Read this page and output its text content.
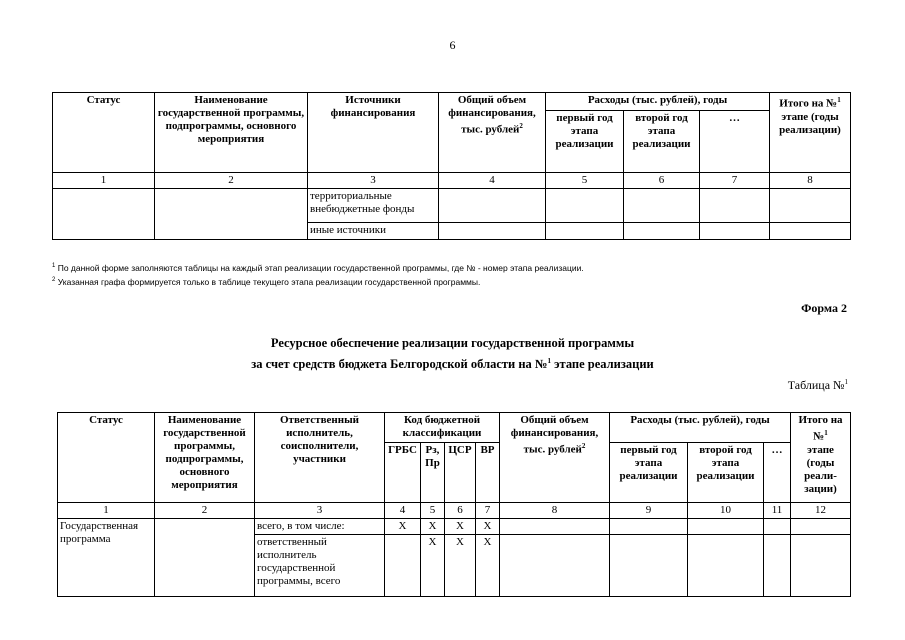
6
Статус	Наименование государственной программы, подпрограммы, основного мероприятия	Источники финансирования	Общий объем финансирования, тыс. рублей$^2$	Расходы (тыс. рублей), годы			Итого на №$^1$
этапе (годы реализации)
				первый год этапа реализации	второй год этапа реализации	…	
1	2	3	4	5	6	7	8
		территориальные внебюджетные фонды					
		иные источники					
$^1$ По данной форме заполняются таблицы на каждый этап реализации государственной программы, где № - номер этапа реализации.
$^2$ Указанная графа формируется только в таблице текущего этапа реализации государственной программы.
Форма 2
Ресурсное обеспечение реализации государственной программы
за счет средств бюджета Белгородской области на №$^1$ этапе реализации
Таблица №$^1$
Статус	Наименование государственной программы, подпрограммы, основного мероприятия	Ответственный исполнитель, соисполнители, участники	Код бюджетной классификации				Общий объем финансирования, тыс. рублей$^2$	Расходы (тыс. рублей), годы			Итого на №$^1$
этапе (годы реали-зации)
			ГРБС	Рз, Пр	ЦСР	ВР		первый год этапа реализации	второй год этапа реализации	…	
1	2	3	4	5	6	7	8	9	10	11	12
Государственная программа		всего, в том числе:	Х	Х	Х	Х					
		ответственный исполнитель государственной программы, всего		Х	Х	Х					
